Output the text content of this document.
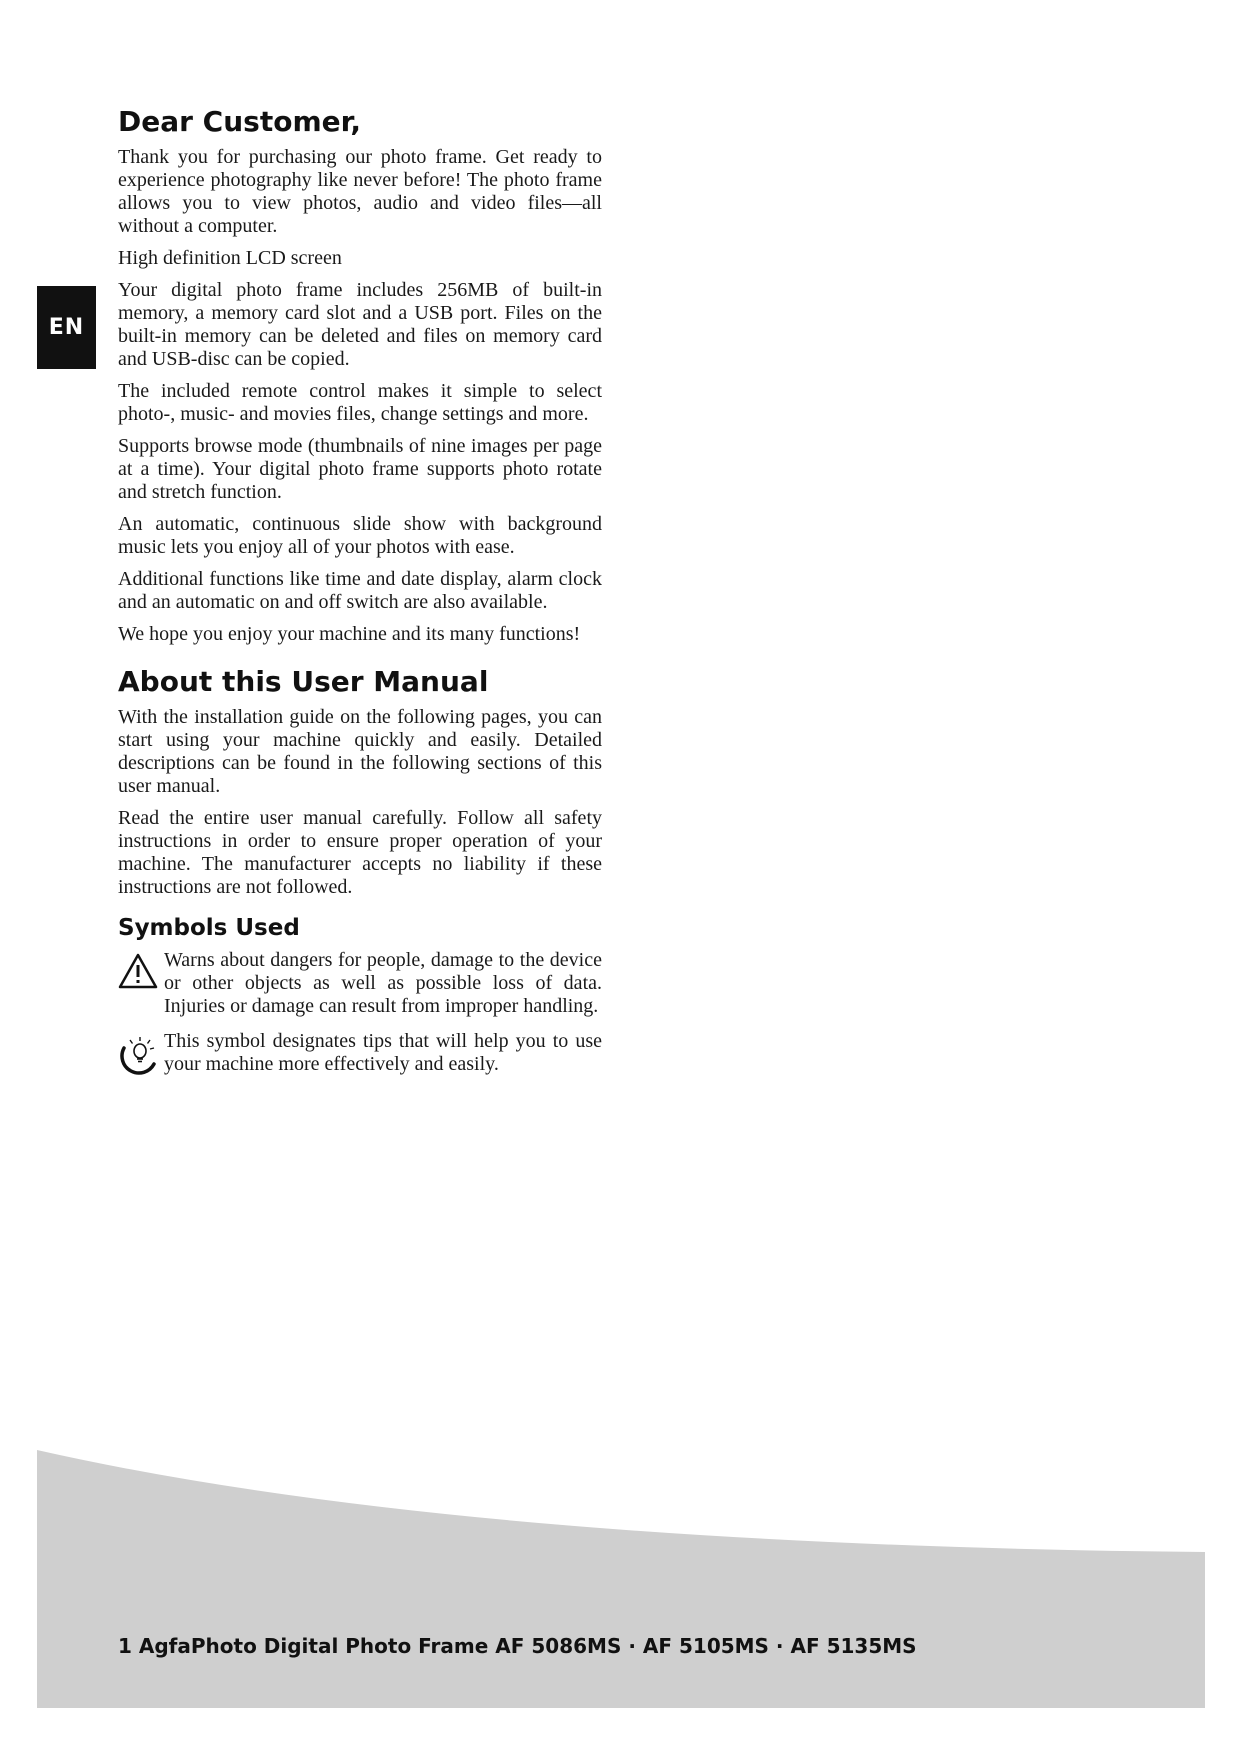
EN
Dear Customer,

Thank you for purchasing our photo frame. Get ready to experience photography like never before! The photo frame allows you to view photos, audio and video files—all without a computer.

High definition LCD screen

Your digital photo frame includes 256MB of built-in memory, a memory card slot and a USB port. Files on the built-in memory can be deleted and files on memory card and USB-disc can be copied.

The included remote control makes it simple to select photo-, music- and movies files, change settings and more.

Supports browse mode (thumbnails of nine images per page at a time). Your digital photo frame supports photo rotate and stretch function.

An automatic, continuous slide show with background music lets you enjoy all of your photos with ease.

Additional functions like time and date display, alarm clock and an automatic on and off switch are also available.

We hope you enjoy your machine and its many functions!

About this User Manual

With the installation guide on the following pages, you can start using your machine quickly and easily. Detailed descriptions can be found in the following sections of this user manual.

Read the entire user manual carefully. Follow all safety instructions in order to ensure proper operation of your machine. The manufacturer accepts no liability if these instructions are not followed.

Symbols Used

Warns about dangers for people, damage to the device or other objects as well as possible loss of data. Injuries or damage can result from improper handling.

This symbol designates tips that will help you to use your machine more effectively and easily.

1 AgfaPhoto Digital Photo Frame AF 5086MS · AF 5105MS · AF 5135MS
